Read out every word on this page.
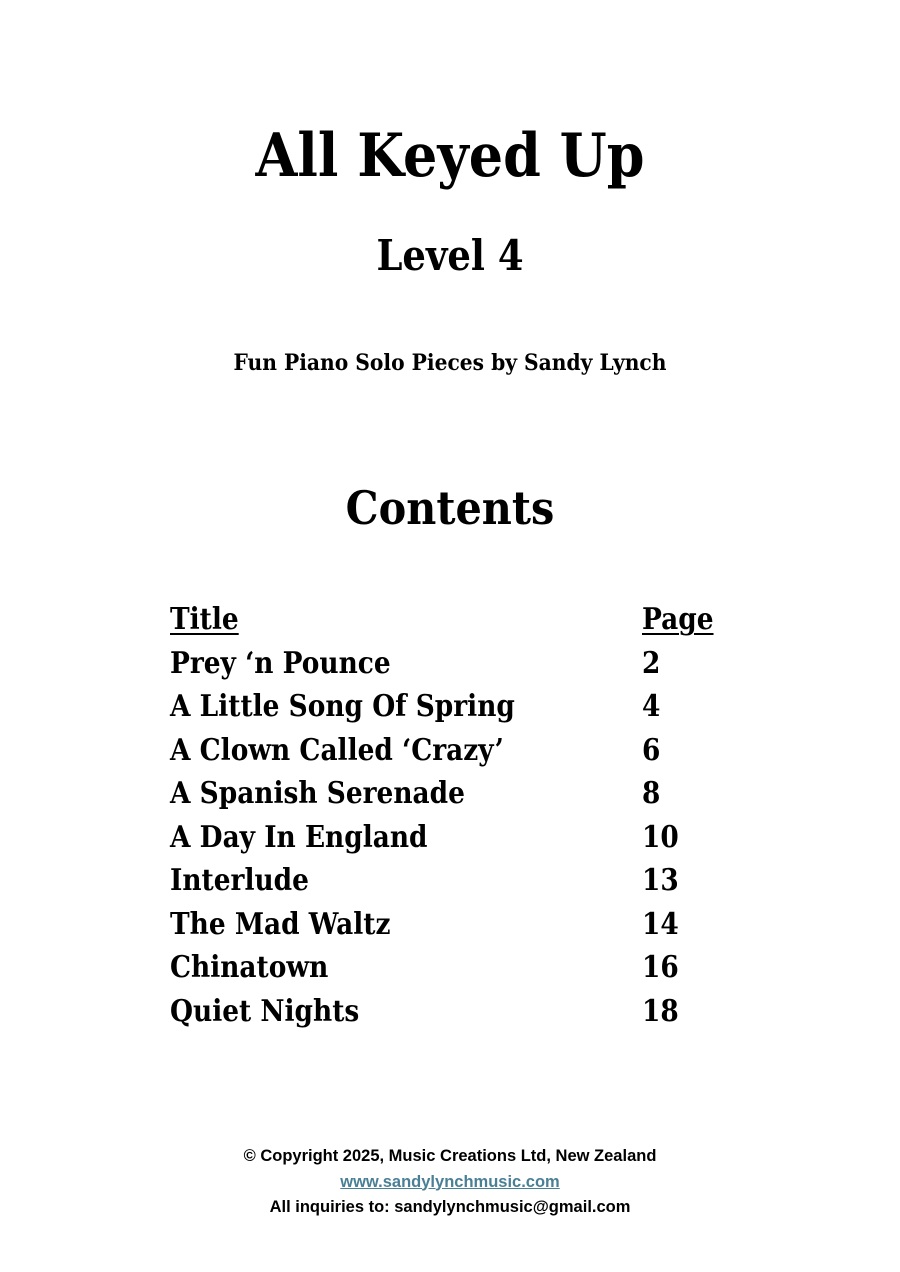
All Keyed Up
Level 4
Fun Piano Solo Pieces by Sandy Lynch
Contents
Title	Page
Prey ‘n Pounce	2
A Little Song Of Spring	4
A Clown Called ‘Crazy’	6
A Spanish Serenade	8
A Day In England	10
Interlude	13
The Mad Waltz	14
Chinatown	16
Quiet Nights	18
© Copyright 2025, Music Creations Ltd, New Zealand
www.sandylynchmusic.com
All inquiries to: sandylynchmusic@gmail.com
